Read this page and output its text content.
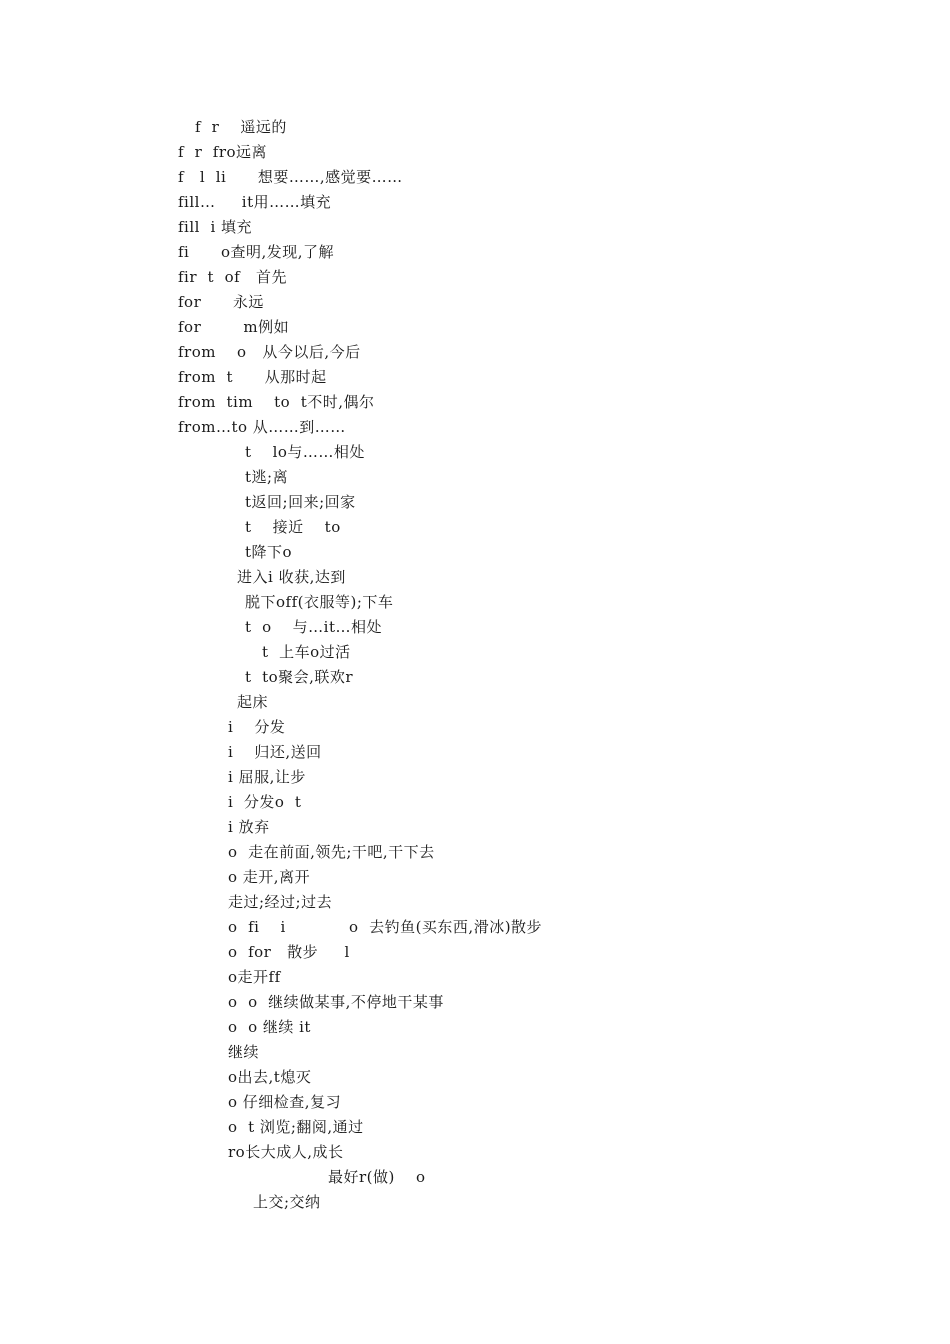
f  r    遥远的
f  r  fro远离
f   l  li      想要……,感觉要……
fill…     it用……填充
fill  i 填充
fi      o查明,发现,了解
fir  t  of   首先
for      永远
for        m例如
from    o   从今以后,今后
from  t      从那时起
from  tim    to  t不时,偶尔
from…to 从……到……
t    lo与……相处
t逃;离
t返回;回来;回家
t    接近    to
t降下o
进入i 收获,达到
脱下off(衣服等);下车
t  o    与…it…相处
t  上车o过活
t  to聚会,联欢r
起床
i    分发
i    归还,送回
i 屈服,让步
i  分发o  t
i 放弃
o  走在前面,领先;干吧,干下去
o 走开,离开
走过;经过;过去
o  fi    i            o  去钓鱼(买东西,滑冰)散步
o  for   散步     l
o走开ff
o  o  继续做某事,不停地干某事
o  o 继续 it
继续
o出去,t熄灭
o 仔细检查,复习
o  t 浏览;翻阅,通过
ro长大成人,成长
最好r(做)    o
上交;交纳
